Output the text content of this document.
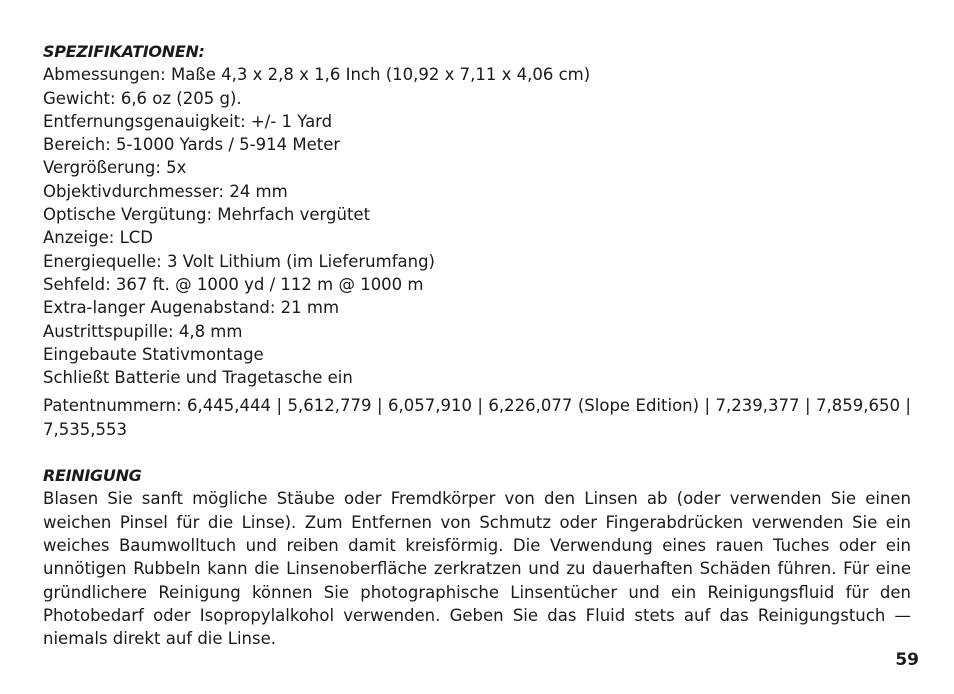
SPEZIFIKATIONEN:
Abmessungen: Maße 4,3 x 2,8 x 1,6 Inch (10,92 x 7,11 x 4,06 cm)
Gewicht: 6,6 oz (205 g).
Entfernungsgenauigkeit: +/- 1 Yard
Bereich: 5-1000 Yards / 5-914 Meter
Vergrößerung: 5x
Objektivdurchmesser: 24 mm
Optische Vergütung: Mehrfach vergütet
Anzeige: LCD
Energiequelle: 3 Volt Lithium (im Lieferumfang)
Sehfeld: 367 ft. @ 1000 yd / 112 m @ 1000 m
Extra-langer Augenabstand: 21 mm
Austrittspupille: 4,8 mm
Eingebaute Stativmontage
Schließt Batterie und Tragetasche ein
Patentnummern: 6,445,444 | 5,612,779 | 6,057,910 | 6,226,077 (Slope Edition) | 7,239,377 | 7,859,650 | 7,535,553
REINIGUNG
Blasen Sie sanft mögliche Stäube oder Fremdkörper von den Linsen ab (oder verwenden Sie einen weichen Pinsel für die Linse). Zum Entfernen von Schmutz oder Fingerabdrücken verwenden Sie ein weiches Baumwolltuch und reiben damit kreisförmig. Die Verwendung eines rauen Tuches oder ein unnötigen Rubbeln kann die Linsenoberfläche zerkratzen und zu dauerhaften Schäden führen. Für eine gründlichere Reinigung können Sie photographische Linsentücher und ein Reinigungsfluid für den Photobedarf oder Isopropylalkohol verwenden. Geben Sie das Fluid stets auf das Reinigungstuch — niemals direkt auf die Linse.
59
